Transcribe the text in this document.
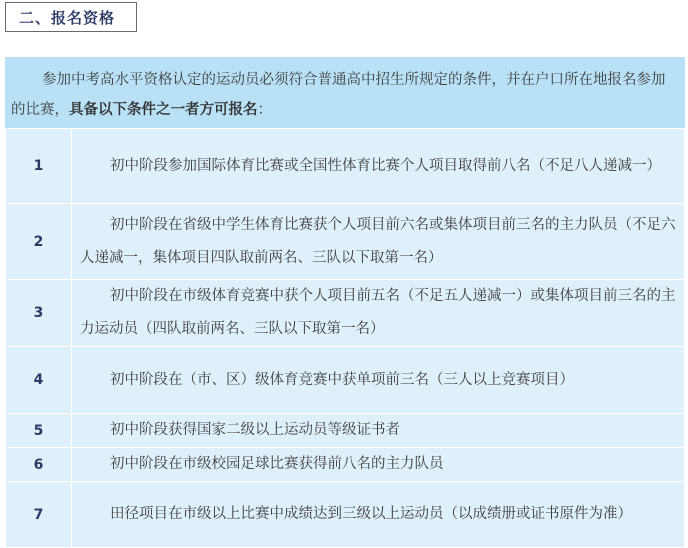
二、报名资格
参加中考高水平资格认定的运动员必须符合普通高中招生所规定的条件，并在户口所在地报名参加的比赛，具备以下条件之一者方可报名：
1	初中阶段参加国际体育比赛或全国性体育比赛个人项目取得前八名（不足八人递减一）
2	初中阶段在省级中学生体育比赛获个人项目前六名或集体项目前三名的主力队员（不足六人递减一，集体项目四队取前两名、三队以下取第一名）
3	初中阶段在市级体育竞赛中获个人项目前五名（不足五人递减一）或集体项目前三名的主力运动员（四队取前两名、三队以下取第一名）
4	初中阶段在（市、区）级体育竞赛中获单项前三名（三人以上竞赛项目）
5	初中阶段获得国家二级以上运动员等级证书者
6	初中阶段在市级校园足球比赛获得前八名的主力队员
7	田径项目在市级以上比赛中成绩达到三级以上运动员（以成绩册或证书原件为准）
